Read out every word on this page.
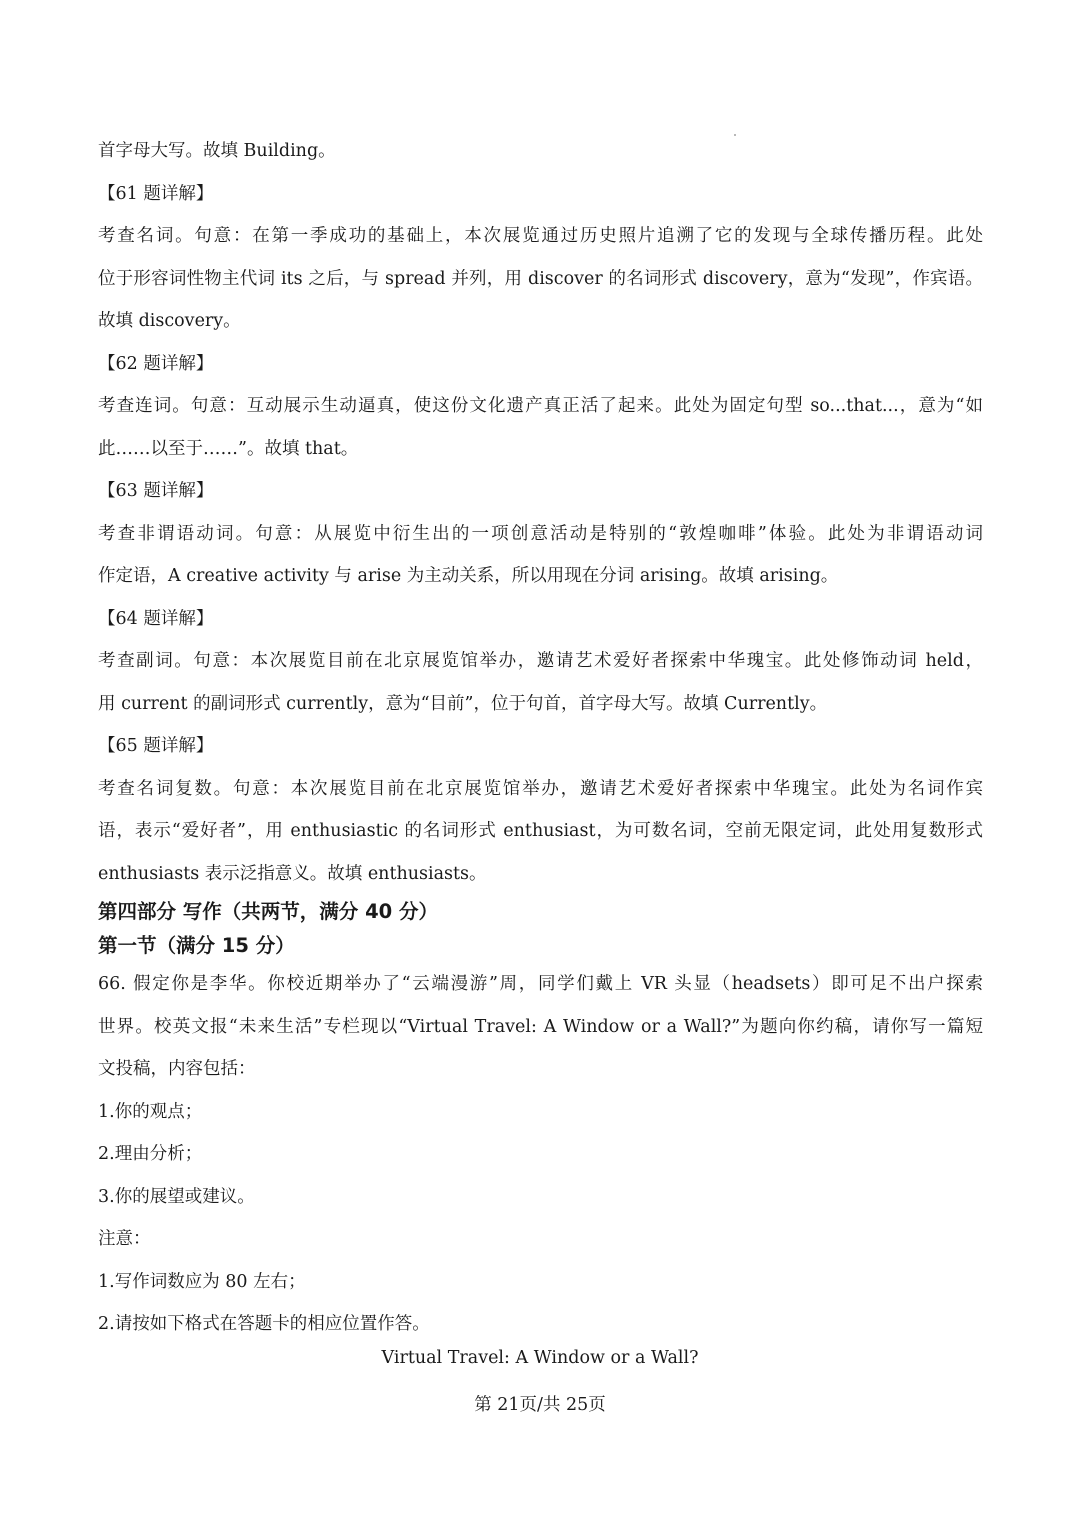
首字母大写。故填 Building。
【61 题详解】
考查名词。句意：在第一季成功的基础上，本次展览通过历史照片追溯了它的发现与全球传播历程。此处
位于形容词性物主代词 its 之后，与 spread 并列，用 discover 的名词形式 discovery，意为“发现”，作宾语。
故填 discovery。
【62 题详解】
考查连词。句意：互动展示生动逼真，使这份文化遗产真正活了起来。此处为固定句型 so...that...，意为“如
此……以至于……”。故填 that。
【63 题详解】
考查非谓语动词。句意：从展览中衍生出的一项创意活动是特别的“敦煌咖啡”体验。此处为非谓语动词
作定语，A creative activity 与 arise 为主动关系，所以用现在分词 arising。故填 arising。
【64 题详解】
考查副词。句意：本次展览目前在北京展览馆举办，邀请艺术爱好者探索中华瑰宝。此处修饰动词 held，
用 current 的副词形式 currently，意为“目前”，位于句首，首字母大写。故填 Currently。
【65 题详解】
考查名词复数。句意：本次展览目前在北京展览馆举办，邀请艺术爱好者探索中华瑰宝。此处为名词作宾
语，表示“爱好者”，用 enthusiastic 的名词形式 enthusiast，为可数名词，空前无限定词，此处用复数形式
enthusiasts 表示泛指意义。故填 enthusiasts。
第四部分 写作（共两节，满分 40 分）
第一节（满分 15 分）
66. 假定你是李华。你校近期举办了“云端漫游”周，同学们戴上 VR 头显（headsets）即可足不出户探索
世界。校英文报“未来生活”专栏现以“Virtual Travel: A Window or a Wall?”为题向你约稿，请你写一篇短
文投稿，内容包括：
1.你的观点；
2.理由分析；
3.你的展望或建议。
注意：
1.写作词数应为 80 左右；
2.请按如下格式在答题卡的相应位置作答。
Virtual Travel: A Window or a Wall?
第 21页/共 25页
